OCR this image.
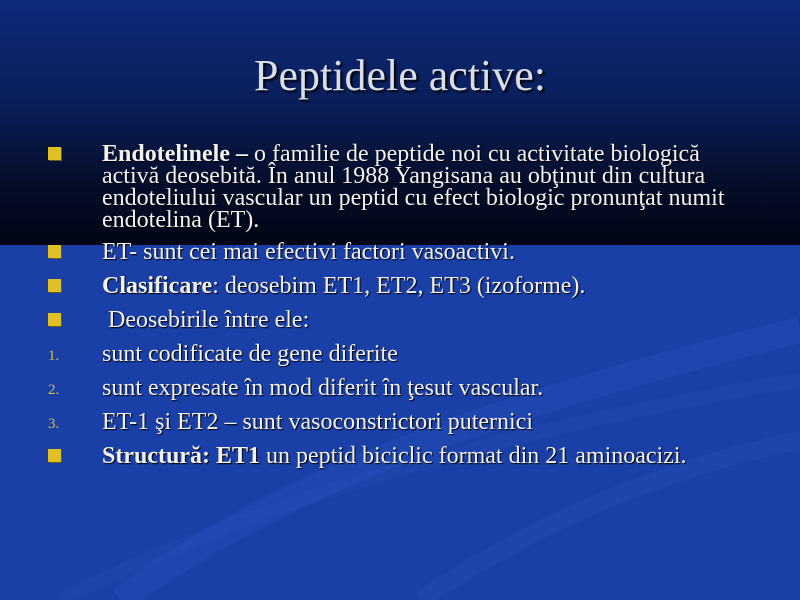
Peptidele active:
Endotelinele – o familie de peptide noi cu activitate biologică activă deosebită. În anul 1988 Yangisana au obţinut din cultura endoteliului vascular un peptid cu efect biologic pronunţat numit endotelina (ET).
ET- sunt cei mai efectivi factori vasoactivi.
Clasificare: deosebim ET1, ET2, ET3 (izoforme).
Deosebirile între ele:
1. sunt codificate de gene diferite
2. sunt expresate în mod diferit în ţesut vascular.
3. ET-1 şi ET2 – sunt vasoconstrictori puternici
Structură: ET1 un peptid biciclic format din 21 aminoacizi.
